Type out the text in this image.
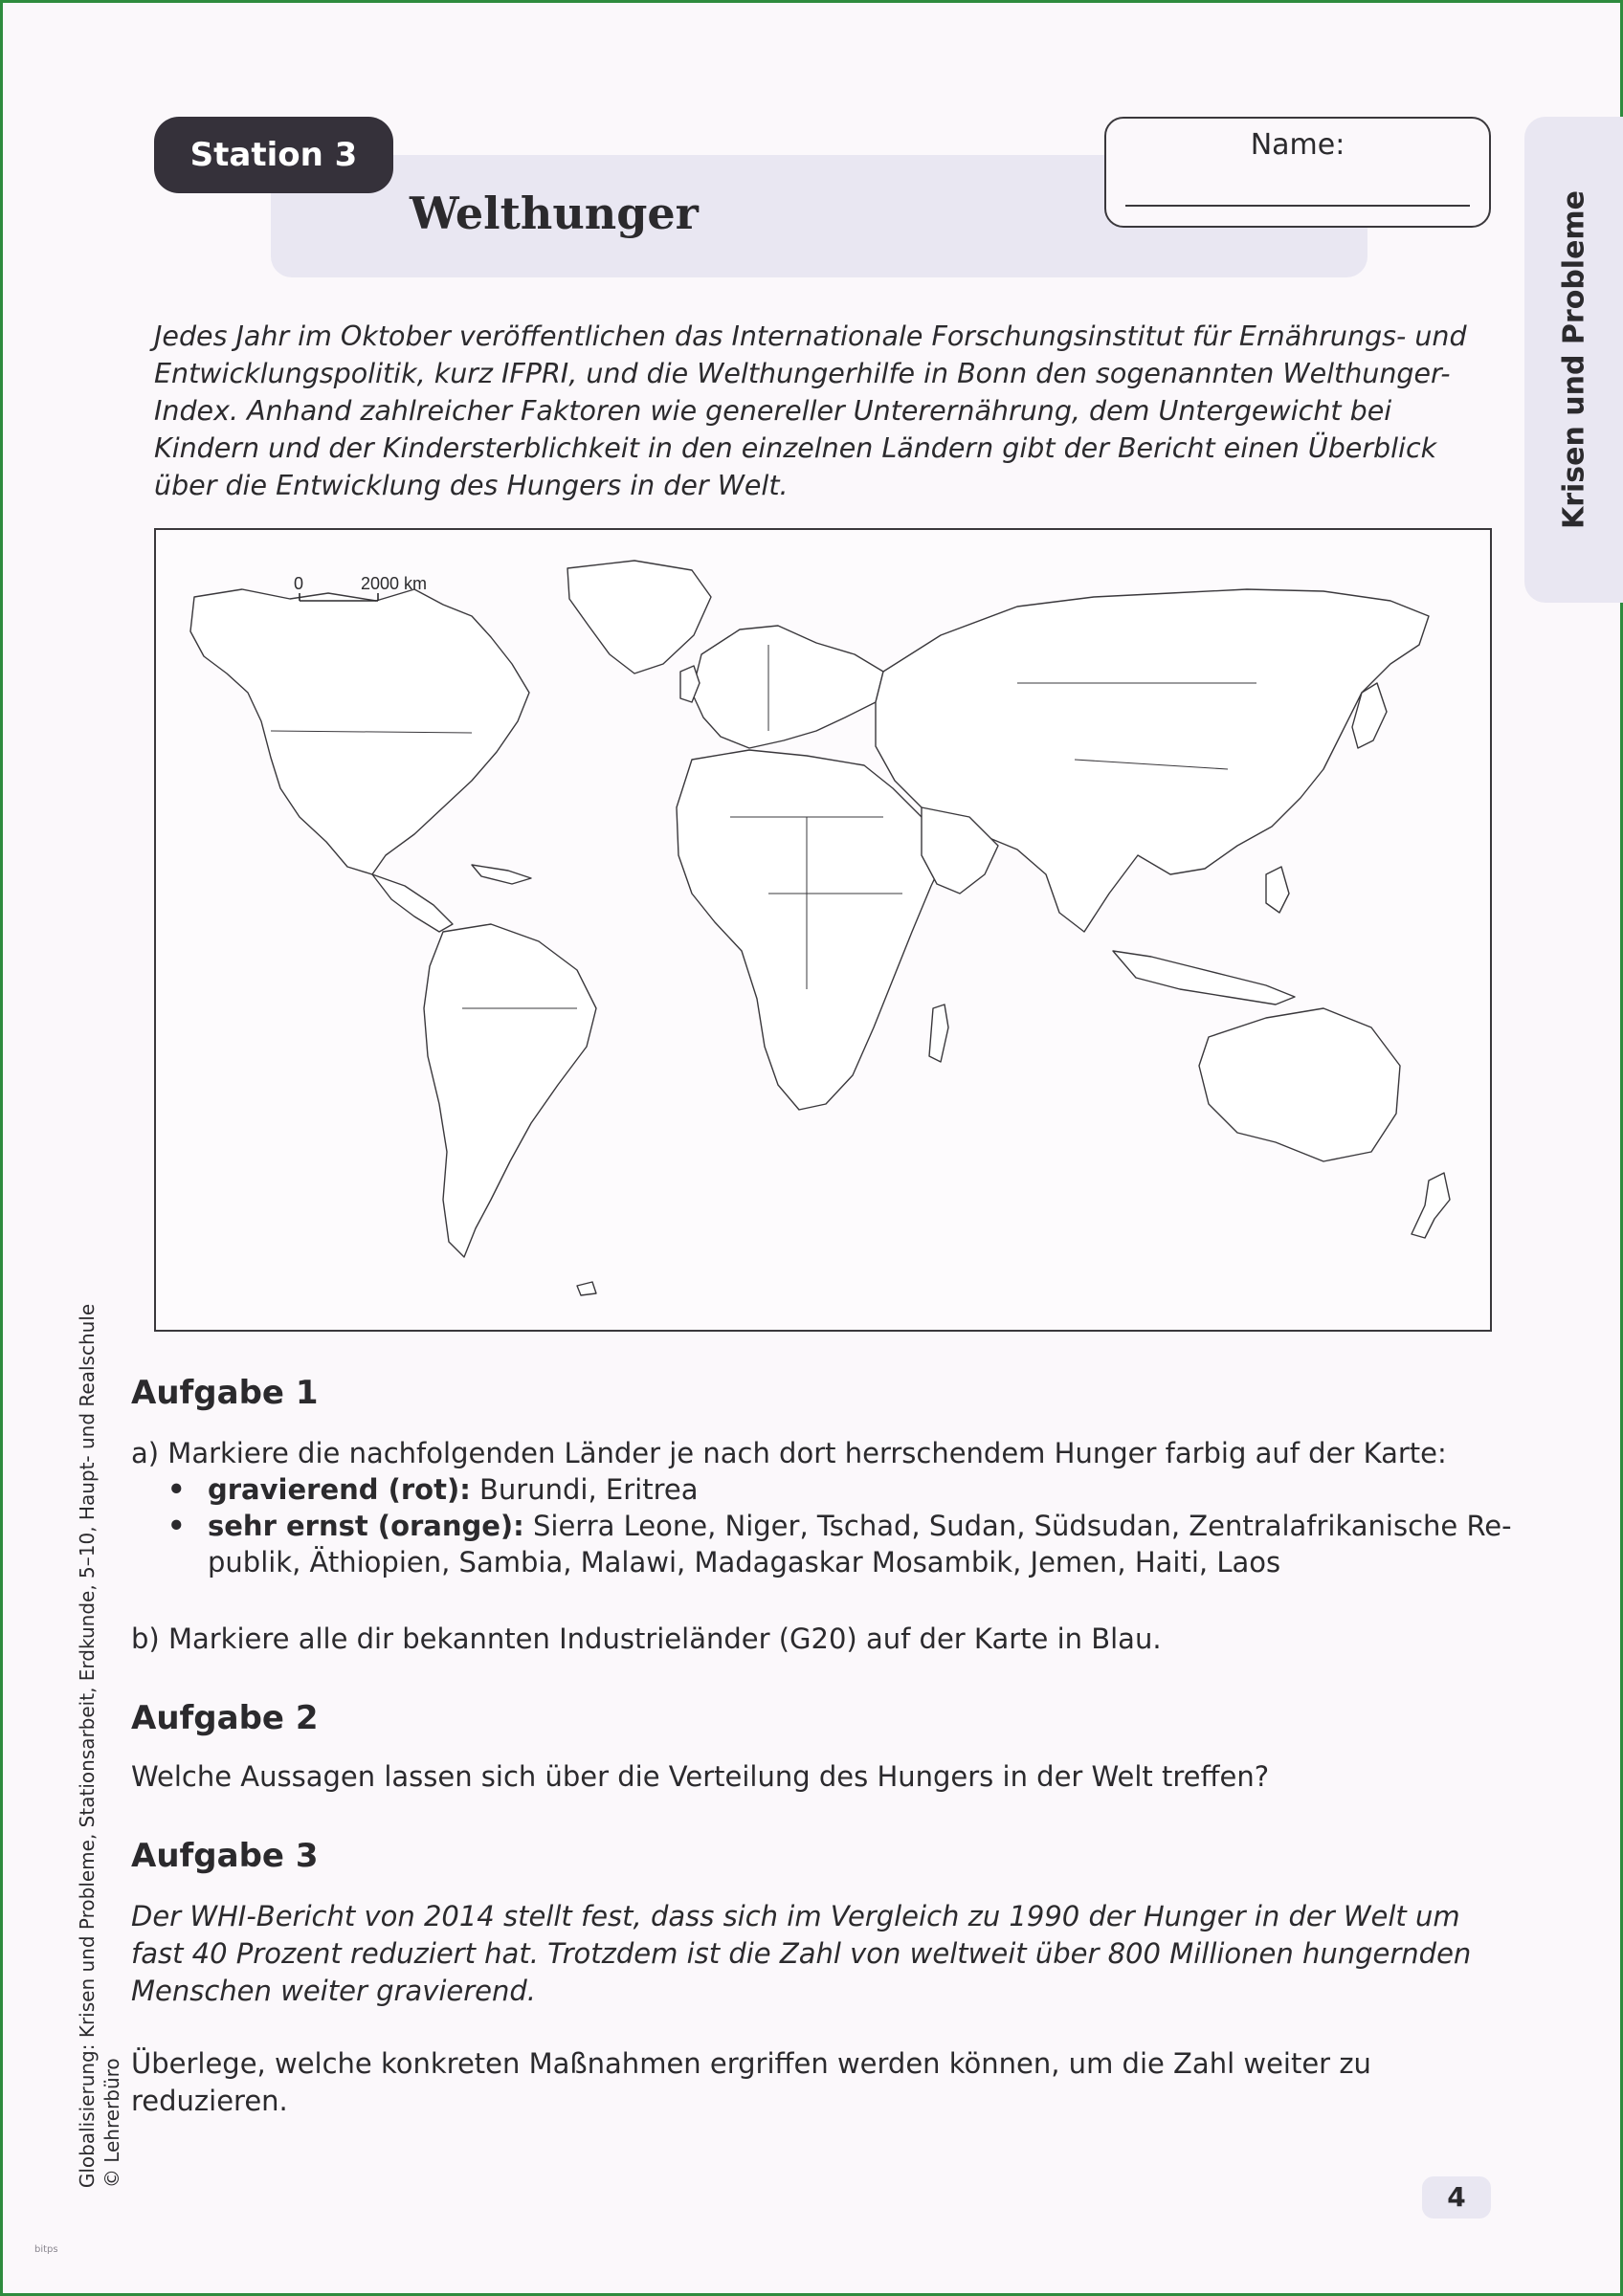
Station 3
Welthunger
Name:
Krisen und Probleme

Jedes Jahr im Oktober veröffentlichen das Internationale Forschungsinstitut für Ernährungs- und Entwicklungspolitik, kurz IFPRI, und die Welthungerhilfe in Bonn den sogenannten Welthunger-Index. Anhand zahlreicher Faktoren wie genereller Unterernährung, dem Untergewicht bei Kindern und der Kindersterblichkeit in den einzelnen Ländern gibt der Bericht einen Überblick über die Entwicklung des Hungers in der Welt.

0	2000 km
Aufgabe 1
a) Markiere die nachfolgenden Länder je nach dort herrschendem Hunger farbig auf der Karte:
• gravierend (rot): Burundi, Eritrea
• sehr ernst (orange): Sierra Leone, Niger, Tschad, Sudan, Südsudan, Zentralafrikanische Re-
publik, Äthiopien, Sambia, Malawi, Madagaskar Mosambik, Jemen, Haiti, Laos
b) Markiere alle dir bekannten Industrieländer (G20) auf der Karte in Blau.
Aufgabe 2
Welche Aussagen lassen sich über die Verteilung des Hungers in der Welt treffen?
Aufgabe 3

Der WHI-Bericht von 2014 stellt fest, dass sich im Vergleich zu 1990 der Hunger in der Welt um fast 40 Prozent reduziert hat. Trotzdem ist die Zahl von weltweit über 800 Millionen hungernden Menschen weiter gravierend.

Überlege, welche konkreten Maßnahmen ergriffen werden können, um die Zahl weiter zu reduzieren.

Globalisierung: Krisen und Probleme, Stationsarbeit, Erdkunde, 5–10, Haupt- und Realschule © Lehrerbüro
4
bitps
